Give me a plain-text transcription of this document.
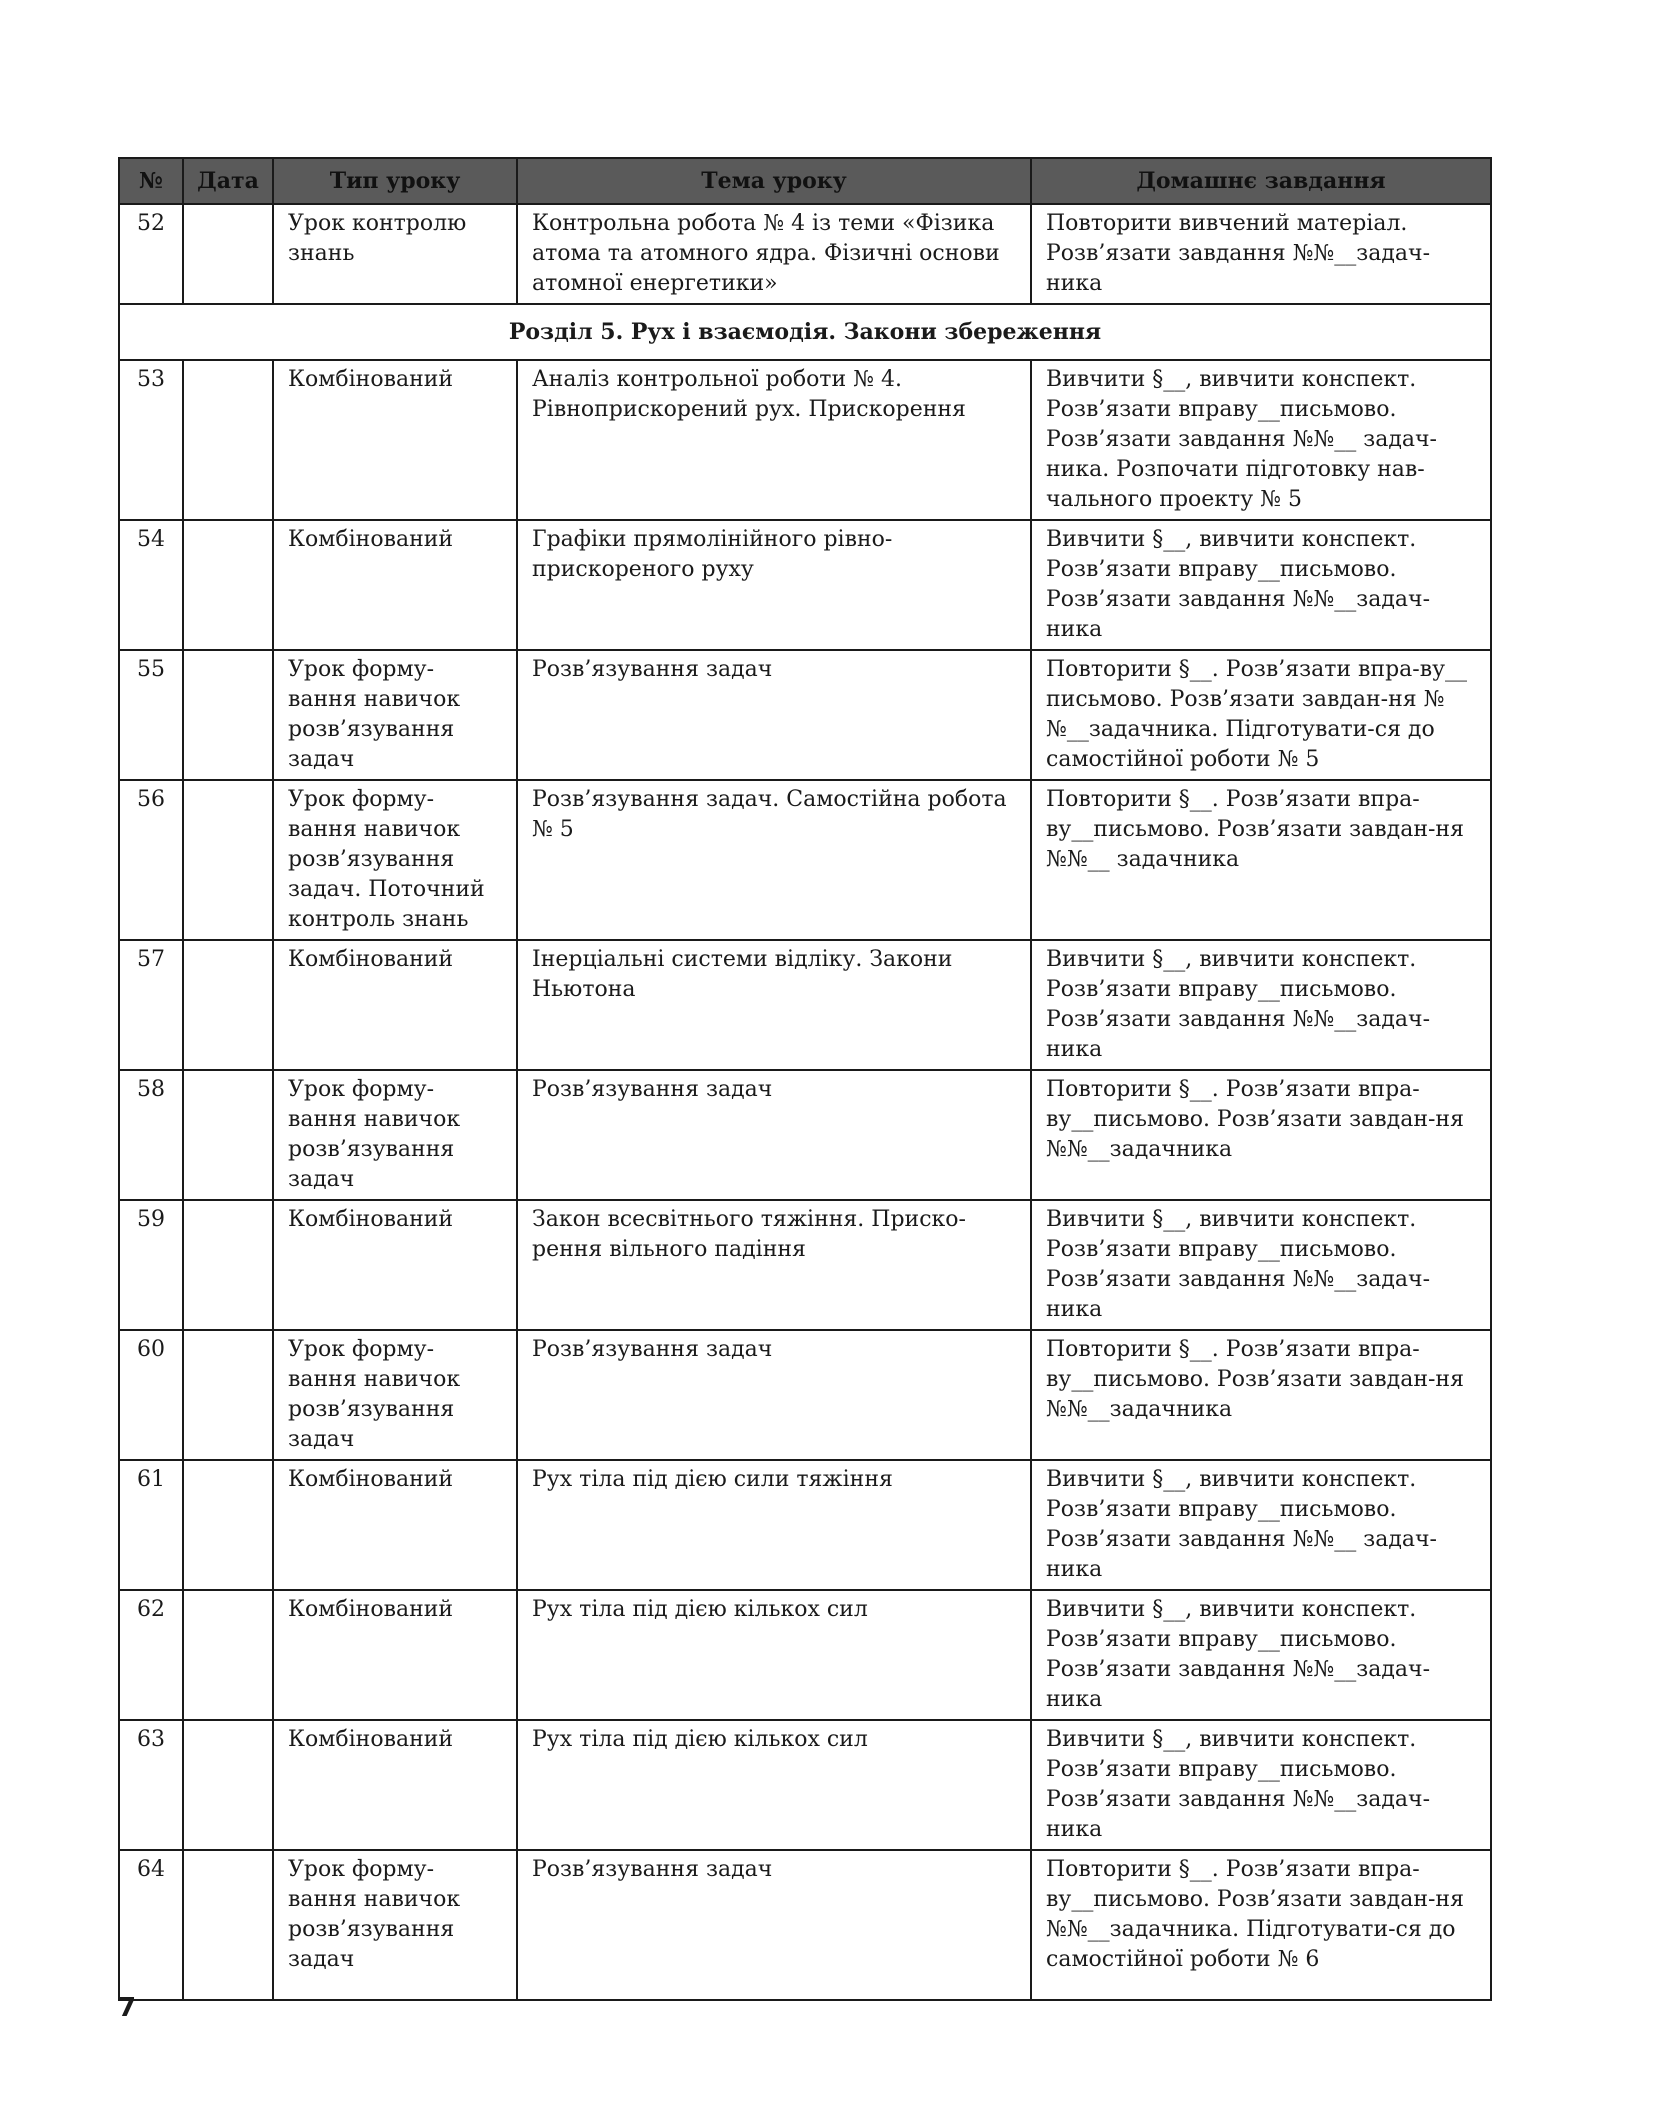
№	Дата	Тип уроку	Тема уроку	Домашнє завдання
52		Урок контролю знань	Контрольна робота № 4 із теми «Фізика атома та атомного ядра. Фізичні основи атомної енергетики»	Повторити вивчений матеріал. Розв’язати завдання №№__задач-ника
Розділ 5. Рух і взаємодія. Закони збереження				
53		Комбінований	Аналіз контрольної роботи № 4. Рівноприскорений рух. Прискорення	Вивчити §__, вивчити конспект. Розв’язати вправу__письмово. Розв’язати завдання №№__ задач-ника. Розпочати підготовку нав-чального проекту № 5
54		Комбінований	Графіки прямолінійного рівно-прискореного руху	Вивчити §__, вивчити конспект. Розв’язати вправу__письмово. Розв’язати завдання №№__задач-ника
55		Урок форму-вання навичок розв’язування задач	Розв’язування задач	Повторити §__. Розв’язати впра-ву__ письмово. Розв’язати завдан-ня №№__задачника. Підготувати-ся до самостійної роботи № 5
56		Урок форму-вання навичок розв’язування задач. Поточний контроль знань	Розв’язування задач. Самостійна робота № 5	Повторити §__. Розв’язати впра-ву__письмово. Розв’язати завдан-ня №№__ задачника
57		Комбінований	Інерціальні системи відліку. Закони Ньютона	Вивчити §__, вивчити конспект. Розв’язати вправу__письмово. Розв’язати завдання №№__задач-ника
58		Урок форму-вання навичок розв’язування задач	Розв’язування задач	Повторити §__. Розв’язати впра-ву__письмово. Розв’язати завдан-ня №№__задачника
59		Комбінований	Закон всесвітнього тяжіння. Приско-рення вільного падіння	Вивчити §__, вивчити конспект. Розв’язати вправу__письмово. Розв’язати завдання №№__задач-ника
60		Урок форму-вання навичок розв’язування задач	Розв’язування задач	Повторити §__. Розв’язати впра-ву__письмово. Розв’язати завдан-ня №№__задачника
61		Комбінований	Рух тіла під дією сили тяжіння	Вивчити §__, вивчити конспект. Розв’язати вправу__письмово. Розв’язати завдання №№__ задач-ника
62		Комбінований	Рух тіла під дією кількох сил	Вивчити §__, вивчити конспект. Розв’язати вправу__письмово. Розв’язати завдання №№__задач-ника
63		Комбінований	Рух тіла під дією кількох сил	Вивчити §__, вивчити конспект. Розв’язати вправу__письмово. Розв’язати завдання №№__задач-ника
64		Урок форму-вання навичок розв’язування задач	Розв’язування задач	Повторити §__. Розв’язати впра-ву__письмово. Розв’язати завдан-ня №№__задачника. Підготувати-ся до самостійної роботи № 6
7
